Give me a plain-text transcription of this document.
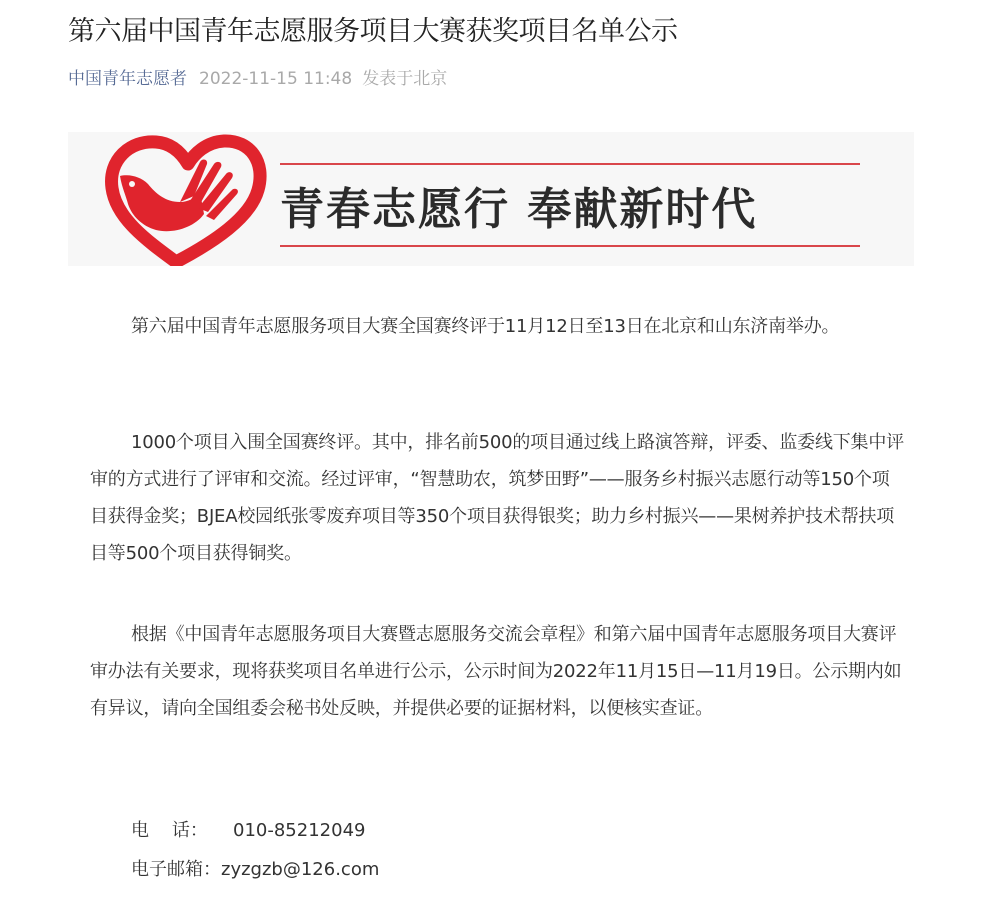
第六届中国青年志愿服务项目大赛获奖项目名单公示
中国青年志愿者 2022-11-15 11:48 发表于北京
青春志愿行 奉献新时代

第六届中国青年志愿服务项目大赛全国赛终评于11月12日至13日在北京和山东济南举办。

1000个项目入围全国赛终评。其中，排名前500的项目通过线上路演答辩，评委、监委线下集中评审的方式进行了评审和交流。经过评审，“智慧助农，筑梦田野”——服务乡村振兴志愿行动等150个项目获得金奖；BJEA校园纸张零废弃项目等350个项目获得银奖；助力乡村振兴——果树养护技术帮扶项目等500个项目获得铜奖。

根据《中国青年志愿服务项目大赛暨志愿服务交流会章程》和第六届中国青年志愿服务项目大赛评审办法有关要求，现将获奖项目名单进行公示，公示时间为2022年11月15日—11月19日。公示期内如有异议，请向全国组委会秘书处反映，并提供必要的证据材料，以便核实查证。

电    话： 010-85212049
电子邮箱：zyzgzb@126.com
